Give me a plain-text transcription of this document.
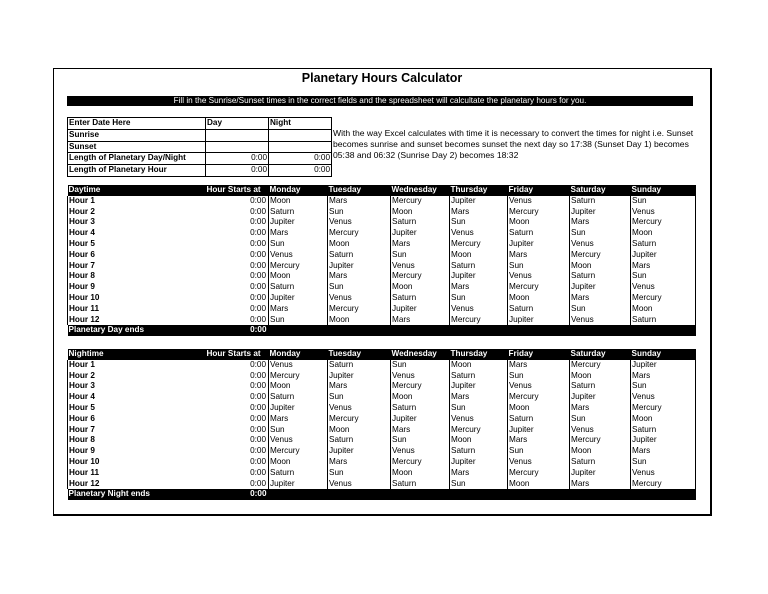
Planetary Hours Calculator
Fill in the Sunrise/Sunset times in the correct fields and the spreadsheet will calcultate the planetary hours for you.
Enter Date Here	Day	Night
Sunrise		
Sunset		
Length of Planetary Day/Night	0:00	0:00
Length of Planetary Hour	0:00	0:00
With the way Excel calculates with time it is necessary to convert the times for night i.e. Sunset becomes sunrise and sunset becomes sunset the next day so 17:38 (Sunset Day 1) becomes 05:38 and 06:32 (Sunrise Day 2) becomes 18:32
Daytime	Hour Starts at	Monday	Tuesday	Wednesday	Thursday	Friday	Saturday	Sunday
Hour 1	0:00	Moon	Mars	Mercury	Jupiter	Venus	Saturn	Sun
Hour 2	0:00	Saturn	Sun	Moon	Mars	Mercury	Jupiter	Venus
Hour 3	0:00	Jupiter	Venus	Saturn	Sun	Moon	Mars	Mercury
Hour 4	0:00	Mars	Mercury	Jupiter	Venus	Saturn	Sun	Moon
Hour 5	0:00	Sun	Moon	Mars	Mercury	Jupiter	Venus	Saturn
Hour 6	0:00	Venus	Saturn	Sun	Moon	Mars	Mercury	Jupiter
Hour 7	0:00	Mercury	Jupiter	Venus	Saturn	Sun	Moon	Mars
Hour 8	0:00	Moon	Mars	Mercury	Jupiter	Venus	Saturn	Sun
Hour 9	0:00	Saturn	Sun	Moon	Mars	Mercury	Jupiter	Venus
Hour 10	0:00	Jupiter	Venus	Saturn	Sun	Moon	Mars	Mercury
Hour 11	0:00	Mars	Mercury	Jupiter	Venus	Saturn	Sun	Moon
Hour 12	0:00	Sun	Moon	Mars	Mercury	Jupiter	Venus	Saturn
Planetary Day ends	0:00							
Nightime	Hour Starts at	Monday	Tuesday	Wednesday	Thursday	Friday	Saturday	Sunday
Hour 1	0:00	Venus	Saturn	Sun	Moon	Mars	Mercury	Jupiter
Hour 2	0:00	Mercury	Jupiter	Venus	Saturn	Sun	Moon	Mars
Hour 3	0:00	Moon	Mars	Mercury	Jupiter	Venus	Saturn	Sun
Hour 4	0:00	Saturn	Sun	Moon	Mars	Mercury	Jupiter	Venus
Hour 5	0:00	Jupiter	Venus	Saturn	Sun	Moon	Mars	Mercury
Hour 6	0:00	Mars	Mercury	Jupiter	Venus	Saturn	Sun	Moon
Hour 7	0:00	Sun	Moon	Mars	Mercury	Jupiter	Venus	Saturn
Hour 8	0:00	Venus	Saturn	Sun	Moon	Mars	Mercury	Jupiter
Hour 9	0:00	Mercury	Jupiter	Venus	Saturn	Sun	Moon	Mars
Hour 10	0:00	Moon	Mars	Mercury	Jupiter	Venus	Saturn	Sun
Hour 11	0:00	Saturn	Sun	Moon	Mars	Mercury	Jupiter	Venus
Hour 12	0:00	Jupiter	Venus	Saturn	Sun	Moon	Mars	Mercury
Planetary Night ends	0:00							
